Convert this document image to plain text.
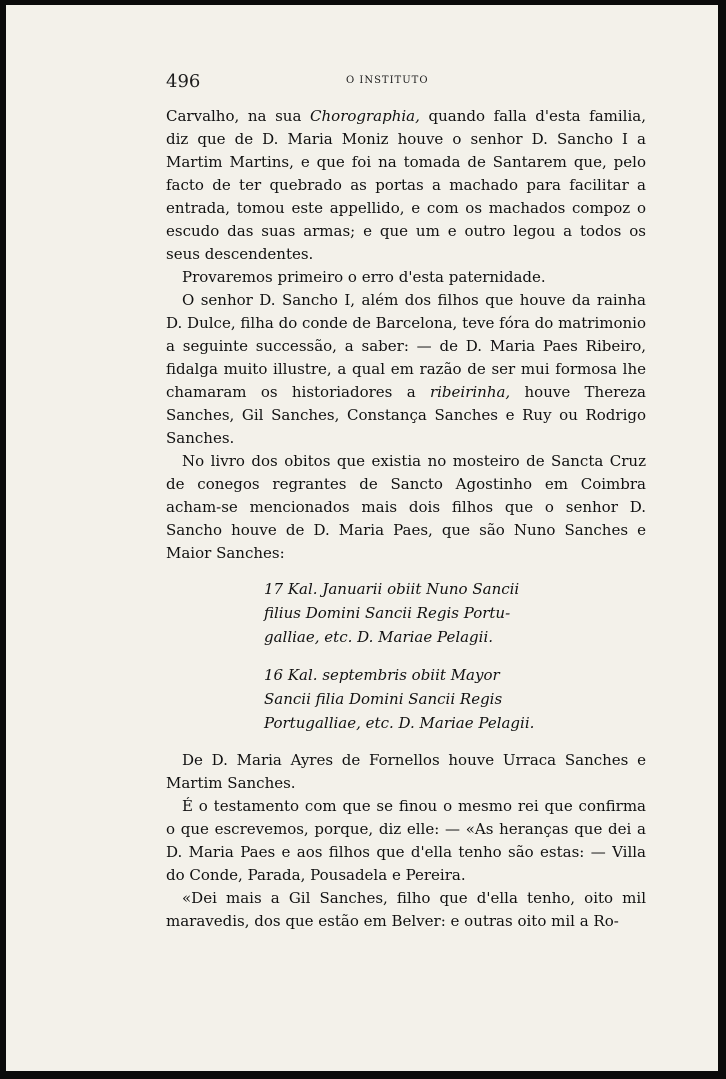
496	O INSTITUTO

Carvalho, na sua Chorographia, quando falla d'esta familia, diz que de D. Maria Moniz houve o senhor D. Sancho I a Martim Martins, e que foi na tomada de Santarem que, pelo facto de ter quebrado as portas a machado para facilitar a entrada, tomou este appellido, e com os machados compoz o escudo das suas armas; e que um e outro legou a todos os seus descendentes.

Provaremos primeiro o erro d'esta paternidade.

O senhor D. Sancho I, além dos filhos que houve da rainha D. Dulce, filha do conde de Barcelona, teve fóra do matrimonio a seguinte successão, a saber: — de D. Maria Paes Ribeiro, fidalga muito illustre, a qual em razão de ser mui formosa lhe chamaram os historiadores a ribeirinha, houve Thereza Sanches, Gil Sanches, Constança Sanches e Ruy ou Rodrigo Sanches.

No livro dos obitos que existia no mosteiro de Sancta Cruz de conegos regrantes de Sancto Agostinho em Coimbra acham-se mencionados mais dois filhos que o senhor D. Sancho houve de D. Maria Paes, que são Nuno Sanches e Maior Sanches:

17 Kal. Januarii obiit Nuno Sancii
filius Domini Sancii Regis Portu-
galliae, etc. D. Mariae Pelagii.
16 Kal. septembris obiit Mayor
Sancii filia Domini Sancii Regis
Portugalliae, etc. D. Mariae Pelagii.

De D. Maria Ayres de Fornellos houve Urraca Sanches e Martim Sanches.

É o testamento com que se finou o mesmo rei que confirma o que escrevemos, porque, diz elle: — «As heranças que dei a D. Maria Paes e aos filhos que d'ella tenho são estas: — Villa do Conde, Parada, Pousadela e Pereira.

«Dei mais a Gil Sanches, filho que d'ella tenho, oito mil maravedis, dos que estão em Belver: e outras oito mil a Ro-
